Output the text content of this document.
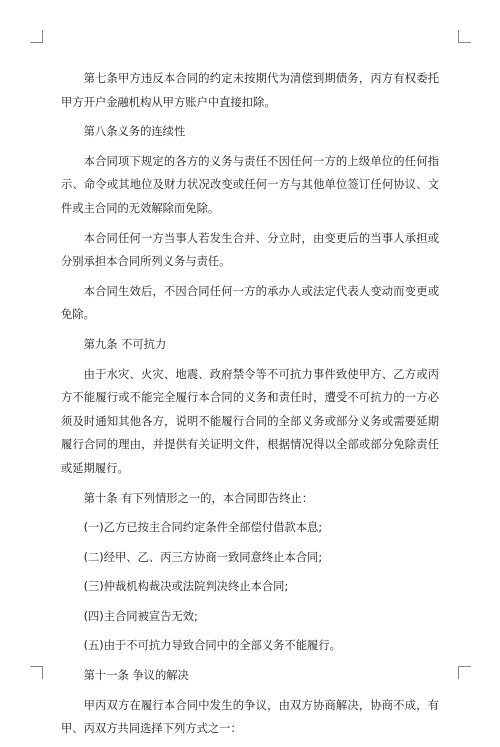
第七条甲方违反本合同的约定未按期代为清偿到期债务，丙方有权委托甲方开户金融机构从甲方账户中直接扣除。
第八条义务的连续性
本合同项下规定的各方的义务与责任不因任何一方的上级单位的任何指示、命令或其地位及财力状况改变或任何一方与其他单位签订任何协议、文件或主合同的无效解除而免除。
本合同任何一方当事人若发生合并、分立时，由变更后的当事人承担或分别承担本合同所列义务与责任。
本合同生效后，不因合同任何一方的承办人或法定代表人变动而变更或免除。
第九条 不可抗力
由于水灾、火灾、地震、政府禁令等不可抗力事件致使甲方、乙方或丙方不能履行或不能完全履行本合同的义务和责任时，遭受不可抗力的一方必须及时通知其他各方，说明不能履行合同的全部义务或部分义务或需要延期履行合同的理由，并提供有关证明文件，根据情况得以全部或部分免除责任或延期履行。
第十条 有下列情形之一的，本合同即告终止：
(一)乙方已按主合同约定条件全部偿付借款本息;
(二)经甲、乙、丙三方协商一致同意终止本合同;
(三)仲裁机构裁决或法院判决终止本合同;
(四)主合同被宣告无效;
(五)由于不可抗力导致合同中的全部义务不能履行。
第十一条 争议的解决
甲丙双方在履行本合同中发生的争议，由双方协商解决，协商不成，有甲、丙双方共同选择下列方式之一：
